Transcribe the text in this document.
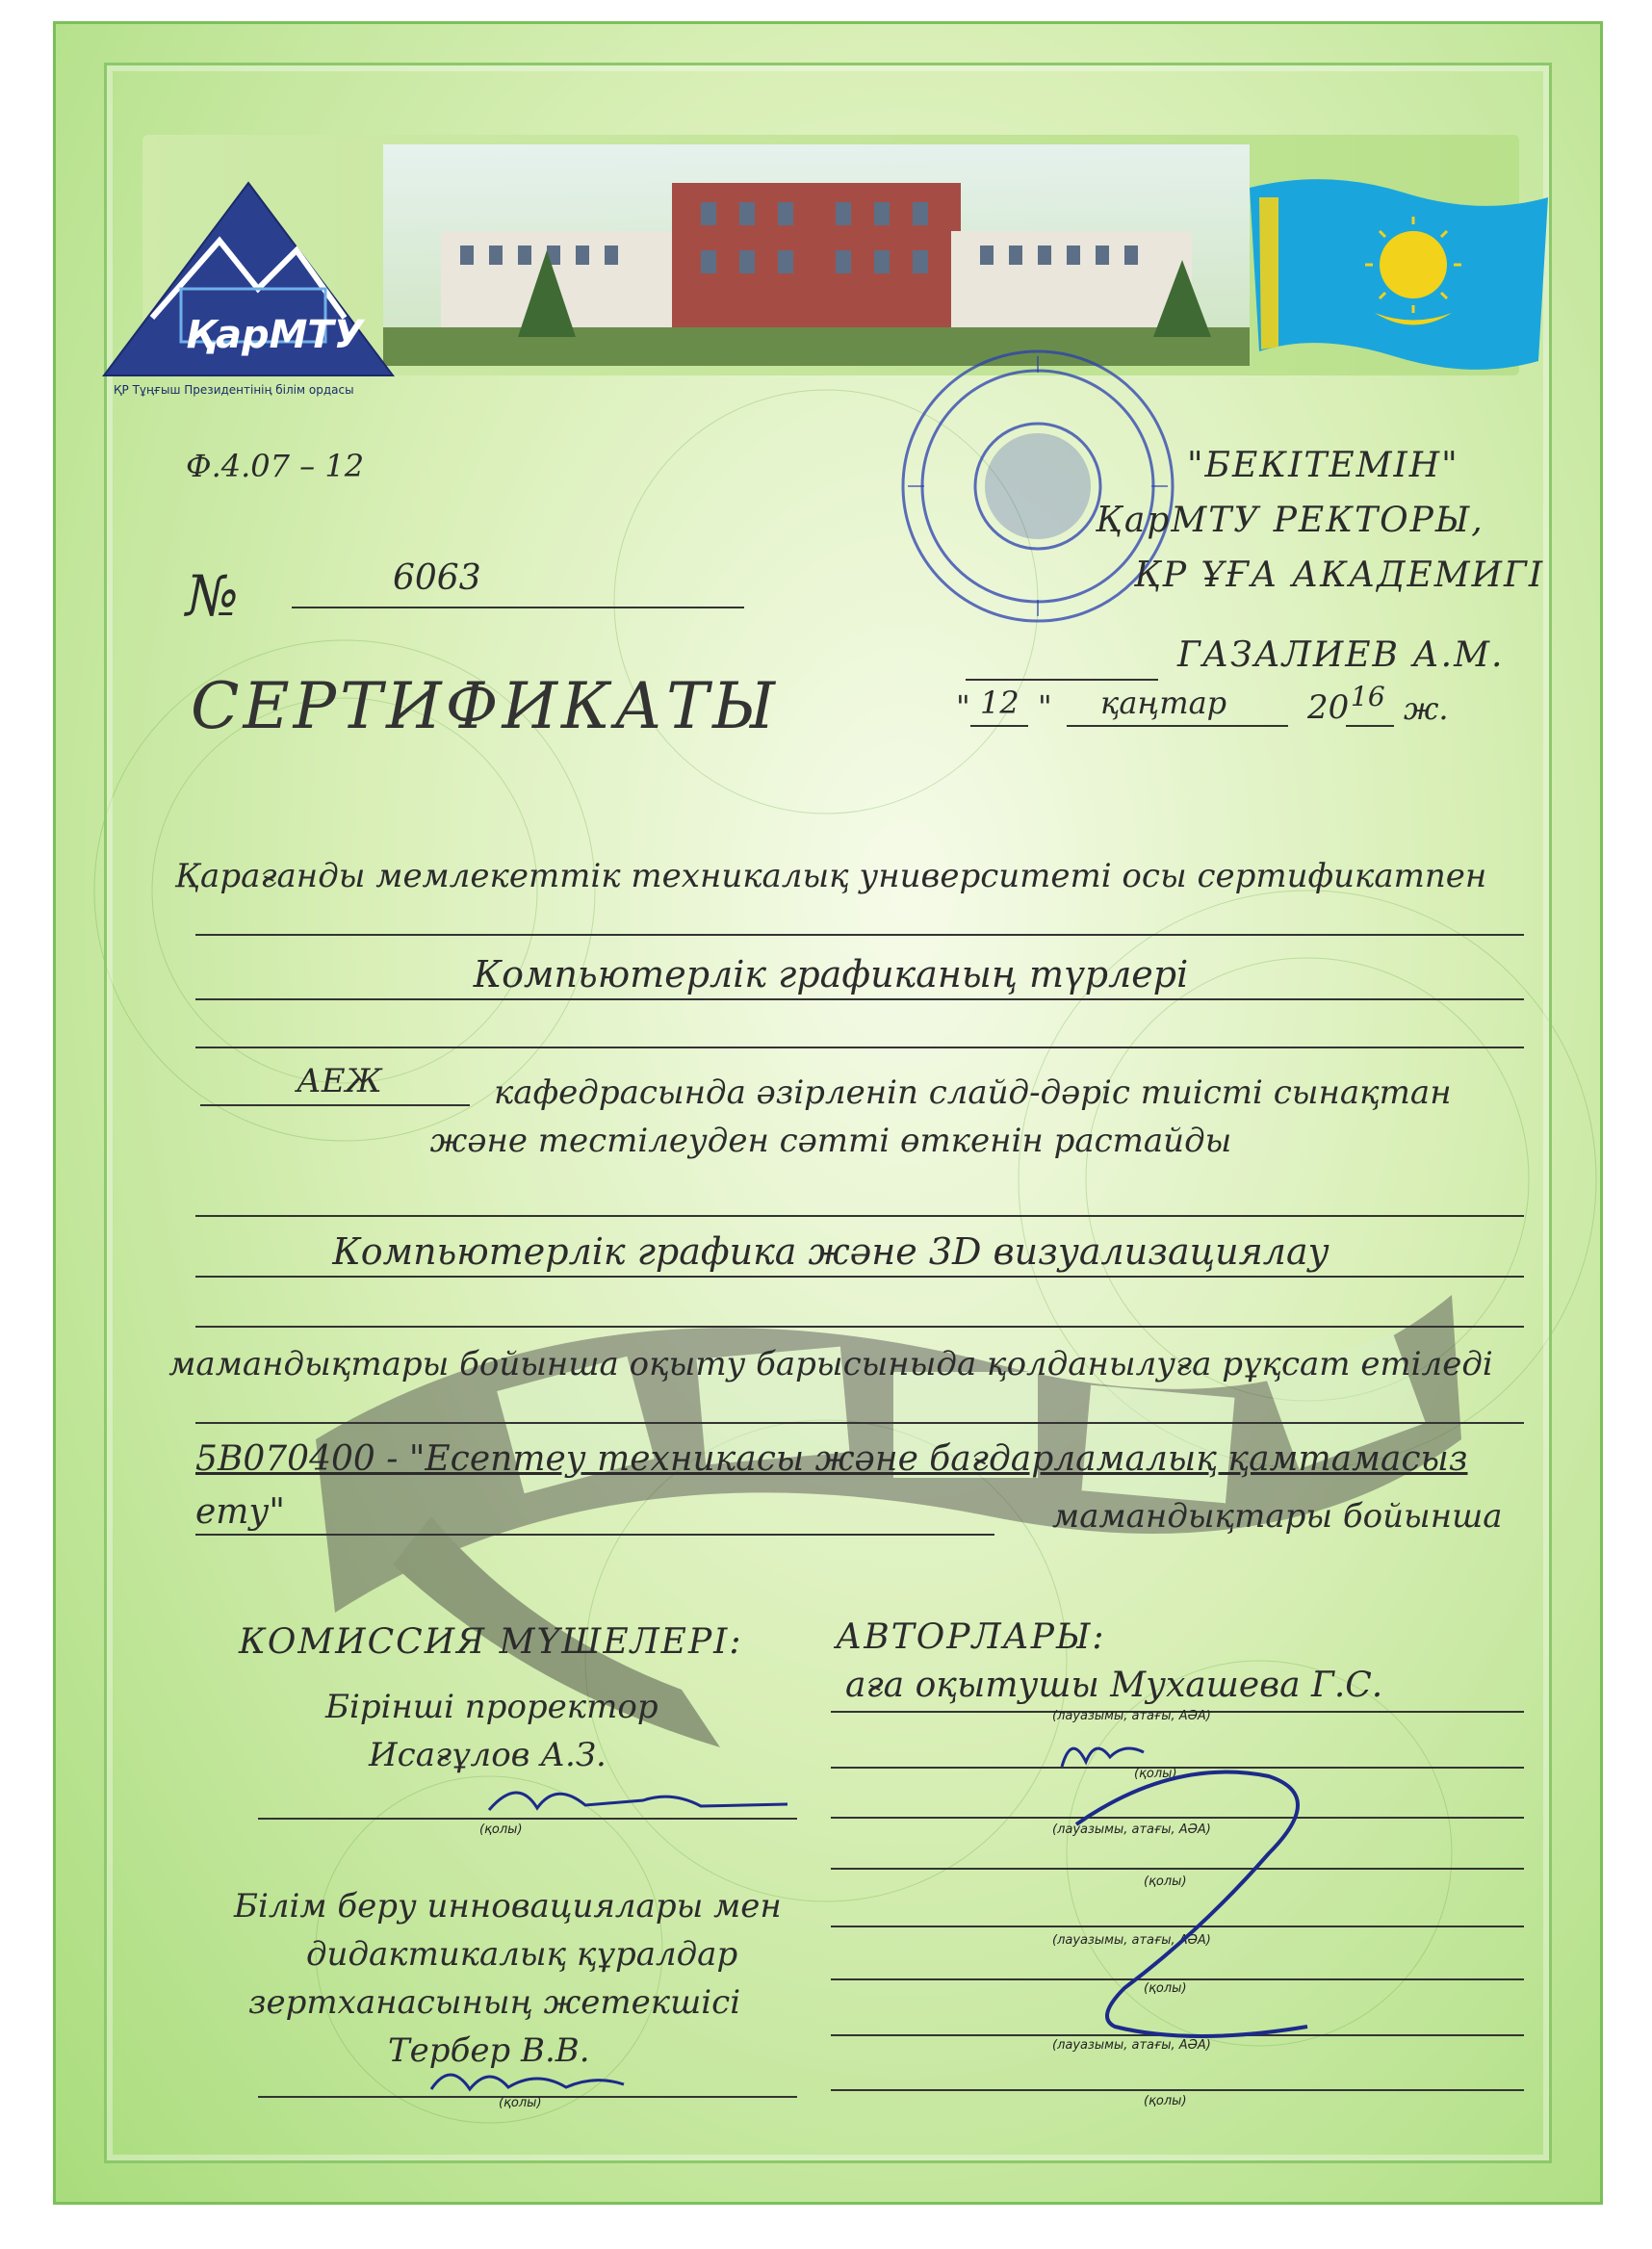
ҚарМТУ
ҚР Тұңғыш Президентінің білім ордасы
Ф.4.07 – 12	"БЕКІТЕМІН"
ҚарМТУ РЕКТОРЫ,
ҚР ҰҒА АКАДЕМИГІ
ГАЗАЛИЕВ А.М.
" 12 " қаңтар 20 16 ж.
№	6063
СЕРТИФИКАТЫ
Қарағанды мемлекеттік техникалық университеті осы сертификатпен
Компьютерлік графиканың түрлері
АЕЖ	кафедрасында әзірленіп слайд-дәріс тиісті сынақтан
және тестілеуден сәтті өткенін растайды
Компьютерлік графика және 3D визуализациялау
мамандықтары бойынша оқыту барысыныда қолданылуға рұқсат етіледі
5В070400 - "Есептеу техникасы және бағдарламалық қамтамасыз
ету"	мамандықтары бойынша
КОМИССИЯ МҮШЕЛЕРІ:
Бірінші проректор
Исағұлов А.З.
(қолы)
Білім беру инновациялары мен
дидактикалық құралдар
зертханасының жетекшісі
Тербер В.В.
(қолы)
АВТОРЛАРЫ:
аға оқытушы Мухашева Г.С.
(лауазымы, атағы, АӘА)
(қолы)
(лауазымы, атағы, АӘА)
(қолы)
(лауазымы, атағы, АӘА)
(қолы)
(лауазымы, атағы, АӘА)
(қолы)
